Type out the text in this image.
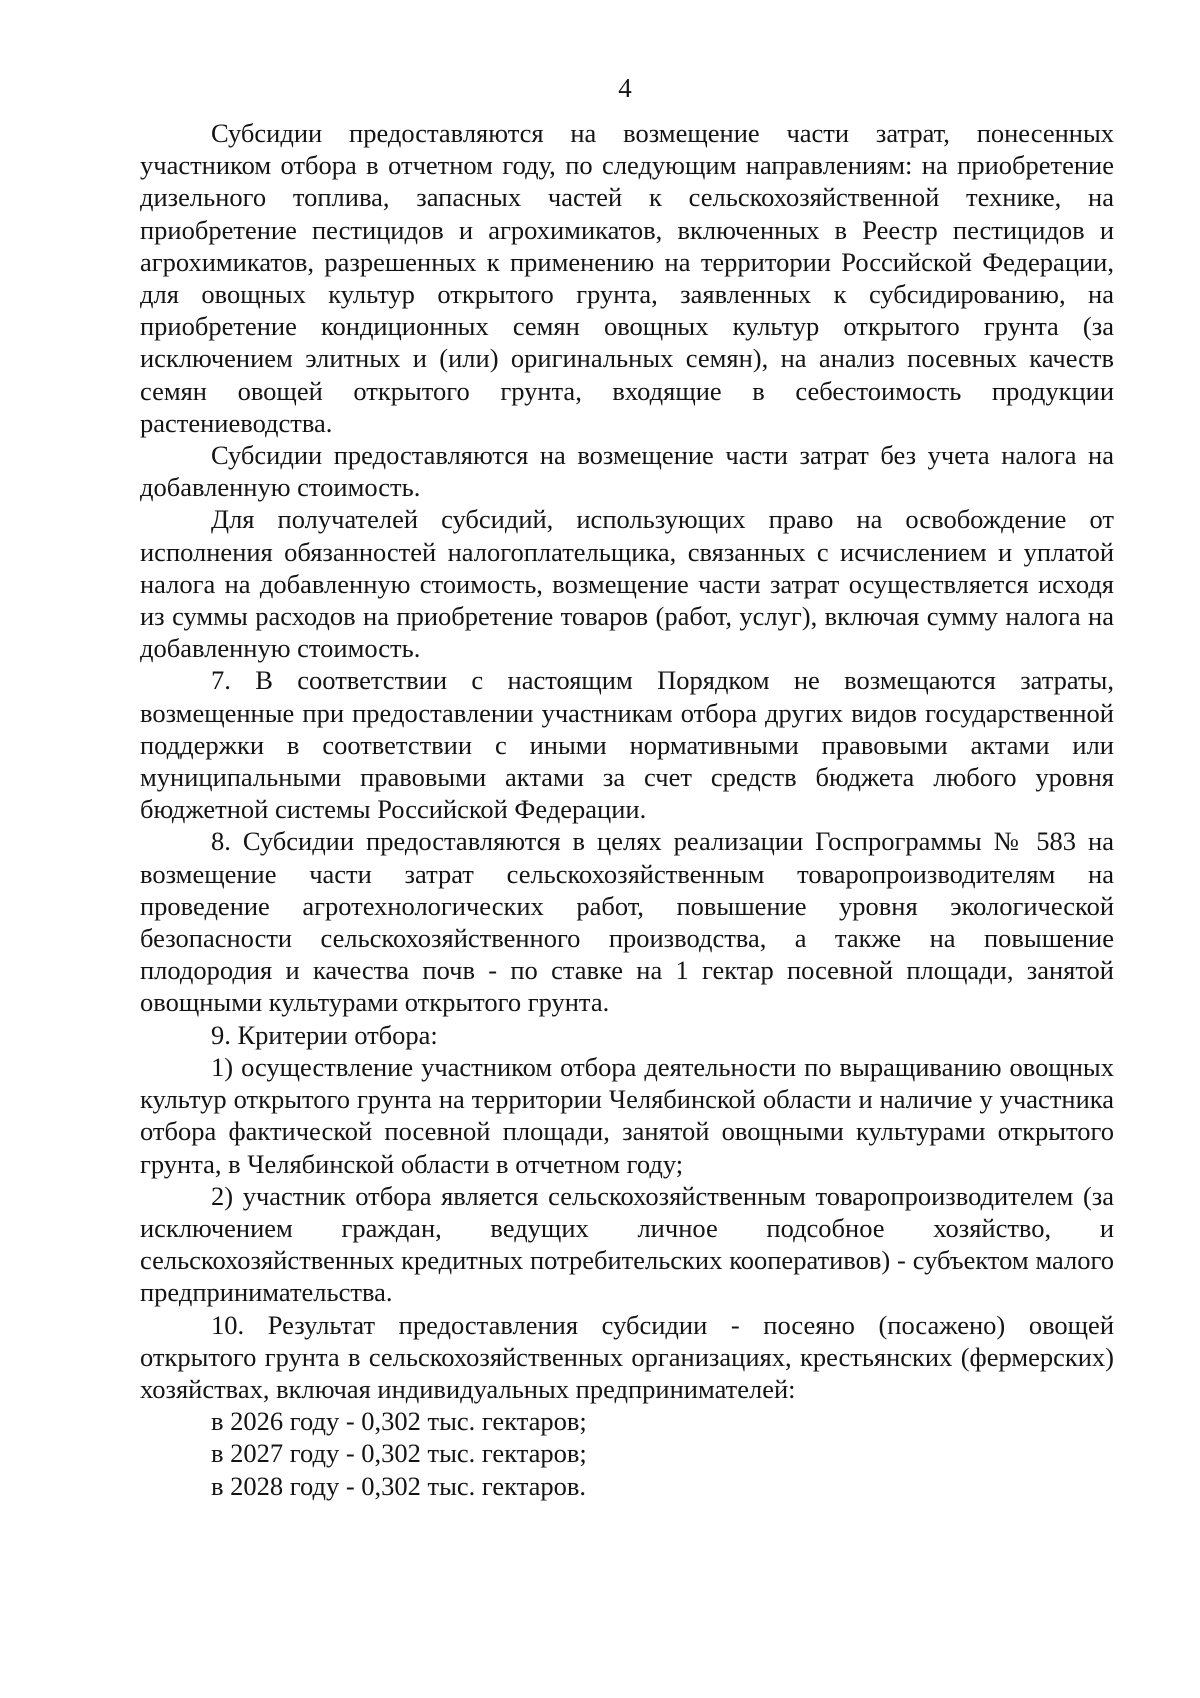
4

Субсидии предоставляются на возмещение части затрат, понесенных участником отбора в отчетном году, по следующим направлениям: на приобретение дизельного топлива, запасных частей к сельскохозяйственной технике, на приобретение пестицидов и агрохимикатов, включенных в Реестр пестицидов и агрохимикатов, разрешенных к применению на территории Российской Федерации, для овощных культур открытого грунта, заявленных к субсидированию, на приобретение кондиционных семян овощных культур открытого грунта (за исключением элитных и (или) оригинальных семян), на анализ посевных качеств семян овощей открытого грунта, входящие в себестоимость продукции растениеводства.

Субсидии предоставляются на возмещение части затрат без учета налога на добавленную стоимость.

Для получателей субсидий, использующих право на освобождение от исполнения обязанностей налогоплательщика, связанных с исчислением и уплатой налога на добавленную стоимость, возмещение части затрат осуществляется исходя из суммы расходов на приобретение товаров (работ, услуг), включая сумму налога на добавленную стоимость.

7. В соответствии с настоящим Порядком не возмещаются затраты, возмещенные при предоставлении участникам отбора других видов государственной поддержки в соответствии с иными нормативными правовыми актами или муниципальными правовыми актами за счет средств бюджета любого уровня бюджетной системы Российской Федерации.

8. Субсидии предоставляются в целях реализации Госпрограммы № 583 на возмещение части затрат сельскохозяйственным товаропроизводителям на проведение агротехнологических работ, повышение уровня экологической безопасности сельскохозяйственного производства, а также на повышение плодородия и качества почв - по ставке на 1 гектар посевной площади, занятой овощными культурами открытого грунта.

9. Критерии отбора:

1) осуществление участником отбора деятельности по выращиванию овощных культур открытого грунта на территории Челябинской области и наличие у участника отбора фактической посевной площади, занятой овощными культурами открытого грунта, в Челябинской области в отчетном году;

2) участник отбора является сельскохозяйственным товаропроизводителем (за исключением граждан, ведущих личное подсобное хозяйство, и сельскохозяйственных кредитных потребительских кооперативов) - субъектом малого предпринимательства.

10. Результат предоставления субсидии - посеяно (посажено) овощей открытого грунта в сельскохозяйственных организациях, крестьянских (фермерских) хозяйствах, включая индивидуальных предпринимателей:

в 2026 году - 0,302 тыс. гектаров;

в 2027 году - 0,302 тыс. гектаров;

в 2028 году - 0,302 тыс. гектаров.
